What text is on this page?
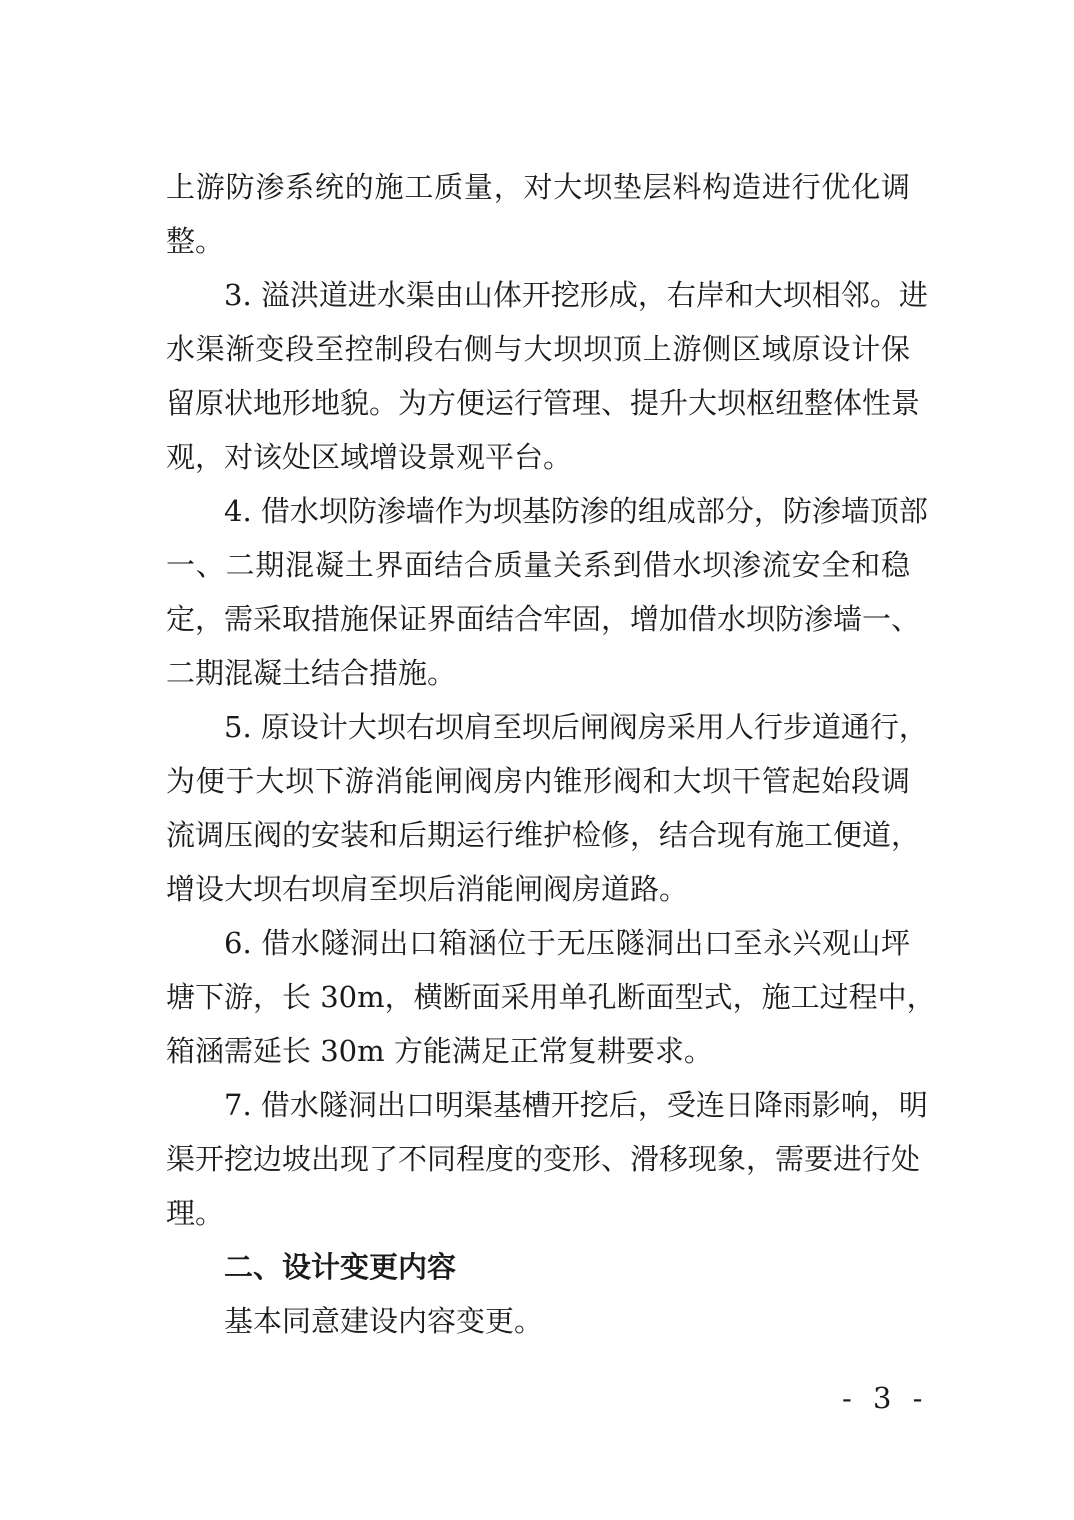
上游防渗系统的施工质量，对大坝垫层料构造进行优化调
整。
3. 溢洪道进水渠由山体开挖形成，右岸和大坝相邻。进
水渠渐变段至控制段右侧与大坝坝顶上游侧区域原设计保
留原状地形地貌。为方便运行管理、提升大坝枢纽整体性景
观，对该处区域增设景观平台。
4. 借水坝防渗墙作为坝基防渗的组成部分，防渗墙顶部
一、二期混凝土界面结合质量关系到借水坝渗流安全和稳
定，需采取措施保证界面结合牢固，增加借水坝防渗墙一、
二期混凝土结合措施。
5. 原设计大坝右坝肩至坝后闸阀房采用人行步道通行，
为便于大坝下游消能闸阀房内锥形阀和大坝干管起始段调
流调压阀的安装和后期运行维护检修，结合现有施工便道，
增设大坝右坝肩至坝后消能闸阀房道路。
6. 借水隧洞出口箱涵位于无压隧洞出口至永兴观山坪
塘下游，长 30m，横断面采用单孔断面型式，施工过程中，
箱涵需延长 30m 方能满足正常复耕要求。
7. 借水隧洞出口明渠基槽开挖后，受连日降雨影响，明
渠开挖边坡出现了不同程度的变形、滑移现象，需要进行处
理。
二、设计变更内容
基本同意建设内容变更。
- 3 -
